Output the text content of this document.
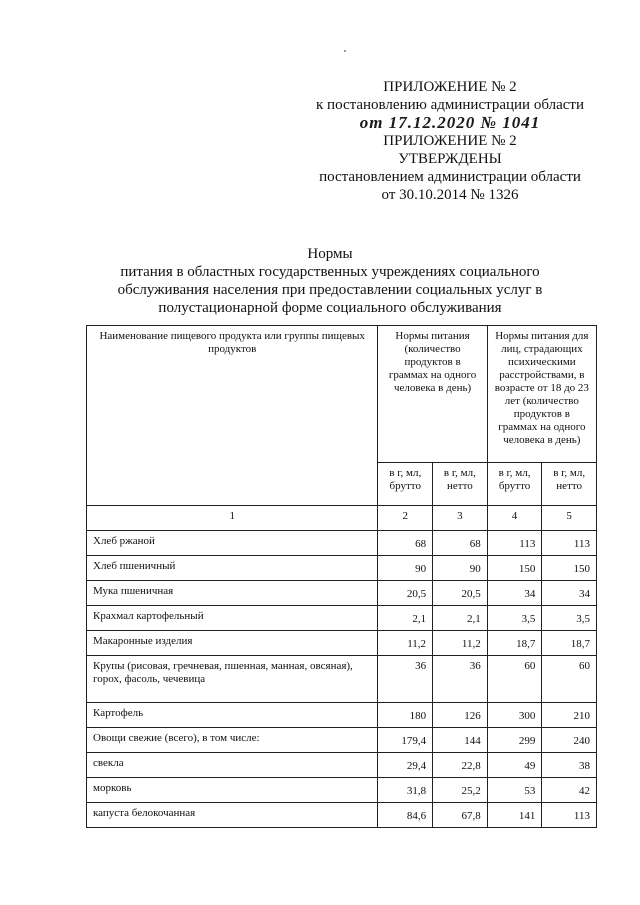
ПРИЛОЖЕНИЕ № 2
к постановлению администрации области
от 17.12.2020 № 1041
ПРИЛОЖЕНИЕ № 2
УТВЕРЖДЕНЫ
постановлением администрации области
от 30.10.2014 № 1326
Нормы
питания в областных государственных учреждениях социального
обслуживания населения при предоставлении социальных услуг в
полустационарной форме социального обслуживания
Наименование пищевого продукта или группы пищевых продуктов	Нормы питания (количество продуктов в граммах на одного человека в день)		Нормы питания для лиц, страдающих психическими расстройствами, в возрасте от 18 до 23 лет (количество продуктов в граммах на одного человека в день)	
	в г, мл, брутто	в г, мл, нетто	в г, мл, брутто	в г, мл, нетто
1	2	3	4	5
Хлеб ржаной	68	68	113	113
Хлеб пшеничный	90	90	150	150
Мука пшеничная	20,5	20,5	34	34
Крахмал картофельный	2,1	2,1	3,5	3,5
Макаронные изделия	11,2	11,2	18,7	18,7
Крупы (рисовая, гречневая, пшенная, манная, овсяная), горох, фасоль, чечевица	36	36	60	60
Картофель	180	126	300	210
Овощи свежие (всего), в том числе:	179,4	144	299	240
свекла	29,4	22,8	49	38
морковь	31,8	25,2	53	42
капуста белокочанная	84,6	67,8	141	113
